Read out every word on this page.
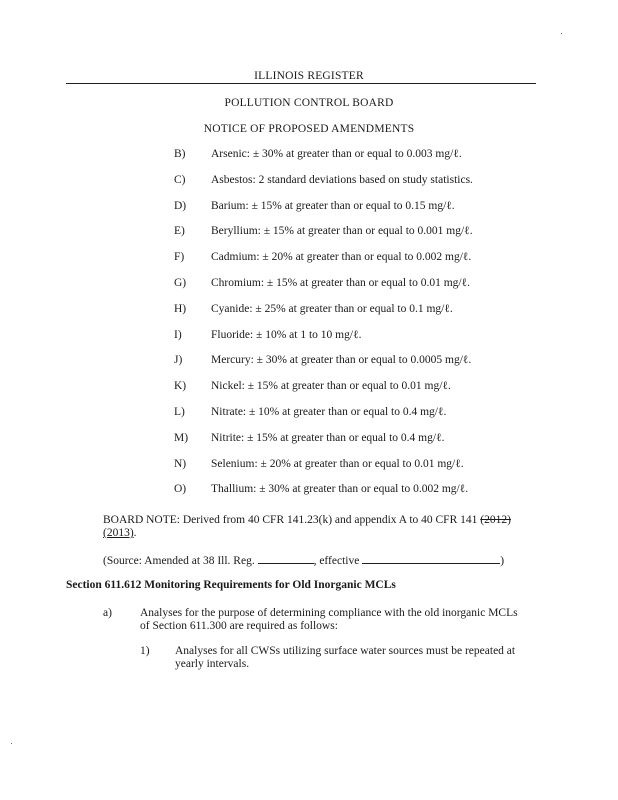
ILLINOIS REGISTER
POLLUTION CONTROL BOARD
NOTICE OF PROPOSED AMENDMENTS
B) Arsenic: ± 30% at greater than or equal to 0.003 mg/ℓ.
C) Asbestos: 2 standard deviations based on study statistics.
D) Barium: ± 15% at greater than or equal to 0.15 mg/ℓ.
E) Beryllium: ± 15% at greater than or equal to 0.001 mg/ℓ.
F) Cadmium: ± 20% at greater than or equal to 0.002 mg/ℓ.
G) Chromium: ± 15% at greater than or equal to 0.01 mg/ℓ.
H) Cyanide: ± 25% at greater than or equal to 0.1 mg/ℓ.
I)	Fluoride: ± 10% at 1 to 10 mg/ℓ.
J) Mercury: ± 30% at greater than or equal to 0.0005 mg/ℓ.
K) Nickel: ± 15% at greater than or equal to 0.01 mg/ℓ.
L) Nitrate: ± 10% at greater than or equal to 0.4 mg/ℓ.
M) Nitrite: ± 15% at greater than or equal to 0.4 mg/ℓ.
N) Selenium: ± 20% at greater than or equal to 0.01 mg/ℓ.
O) Thallium: ± 30% at greater than or equal to 0.002 mg/ℓ.
BOARD NOTE: Derived from 40 CFR 141.23(k) and appendix A to 40 CFR 141 (2012)
(2013).
(Source: Amended at 38 Ill. Reg.	, effective	)
Section 611.612 Monitoring Requirements for Old Inorganic MCLs
a) Analyses for the purpose of determining compliance with the old inorganic MCLs
of Section 611.300 are required as follows:
1) Analyses for all CWSs utilizing surface water sources must be repeated at
yearly intervals.
